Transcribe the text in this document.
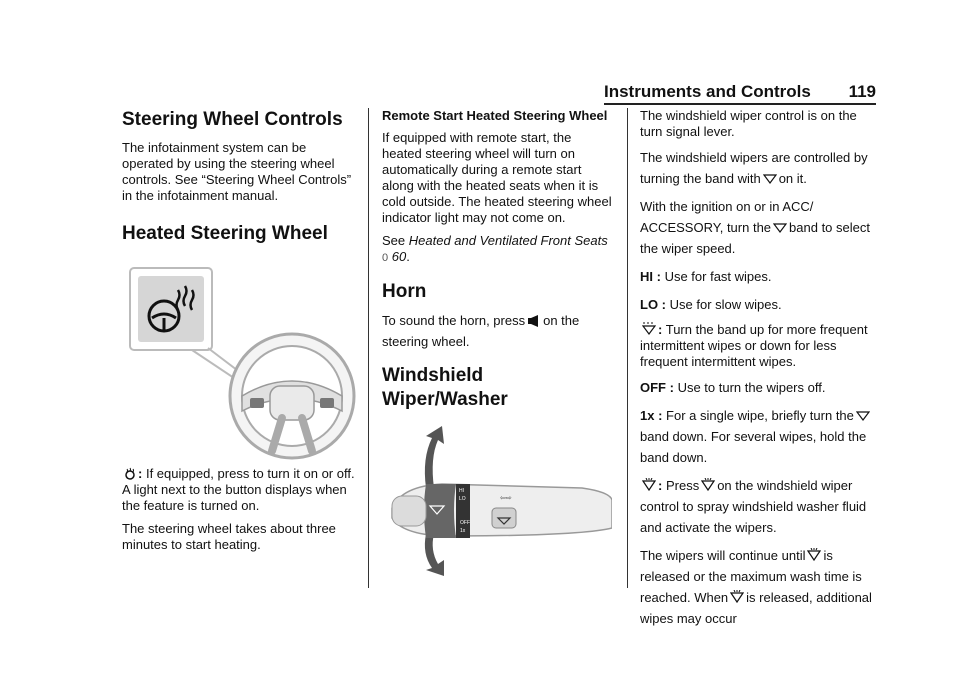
Instruments and Controls 119
Steering Wheel Controls

The infotainment system can be operated by using the steering wheel controls. See “Steering Wheel Controls” in the infotainment manual.

Heated Steering Wheel

: If equipped, press to turn it on or off. A light next to the button displays when the feature is turned on.

The steering wheel takes about three minutes to start heating.

Remote Start Heated Steering Wheel

If equipped with remote start, the heated steering wheel will turn on automatically during a remote start along with the heated seats when it is cold outside. The heated steering wheel indicator light may not come on.

See Heated and Ventilated Front Seats 0 60.

Horn

To sound the horn, press on the steering wheel.

Windshield Wiper/Washer
HI
LO
OFF
1x
⇦⇨

The windshield wiper control is on the turn signal lever.

The windshield wipers are controlled by turning the band with on it.

With the ignition on or in ACC/ ACCESSORY, turn the band to select the wiper speed.

HI : Use for fast wipes.

LO : Use for slow wipes.

: Turn the band up for more frequent intermittent wipes or down for less frequent intermittent wipes.

OFF : Use to turn the wipers off.

1x : For a single wipe, briefly turn the
band down. For several wipes, hold the band down.

: Press on the windshield wiper control to spray windshield washer fluid and activate the wipers.

The wipers will continue until is released or the maximum wash time is reached. When is released, additional wipes may occur
